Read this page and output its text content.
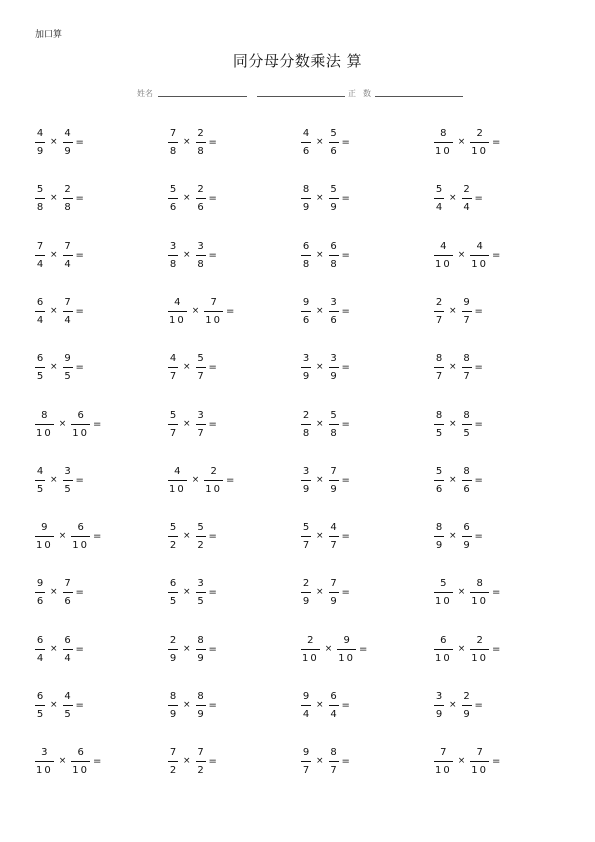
加口算
同分母分数乘法 算
姓名	正 数
$\frac{4}{9} \times \frac{4}{9}$ =	$\frac{7}{8} \times \frac{2}{8}$ =	$\frac{4}{6} \times \frac{5}{6}$ =	$\frac{8}{10} \times \frac{2}{10}$ =
$\frac{5}{8} \times \frac{2}{8}$ =	$\frac{5}{6} \times \frac{2}{6}$ =	$\frac{8}{9} \times \frac{5}{9}$ =	$\frac{5}{4} \times \frac{2}{4}$ =
$\frac{7}{4} \times \frac{7}{4}$ =	$\frac{3}{8} \times \frac{3}{8}$ =	$\frac{6}{8} \times \frac{6}{8}$ =	$\frac{4}{10} \times \frac{4}{10}$ =
$\frac{6}{4} \times \frac{7}{4}$ =	$\frac{4}{10} \times \frac{7}{10}$ =	$\frac{9}{6} \times \frac{3}{6}$ =	$\frac{2}{7} \times \frac{9}{7}$ =
$\frac{6}{5} \times \frac{9}{5}$ =	$\frac{4}{7} \times \frac{5}{7}$ =	$\frac{3}{9} \times \frac{3}{9}$ =	$\frac{8}{7} \times \frac{8}{7}$ =
$\frac{8}{10} \times \frac{6}{10}$ =	$\frac{5}{7} \times \frac{3}{7}$ =	$\frac{2}{8} \times \frac{5}{8}$ =	$\frac{8}{5} \times \frac{8}{5}$ =
$\frac{4}{5} \times \frac{3}{5}$ =	$\frac{4}{10} \times \frac{2}{10}$ =	$\frac{3}{9} \times \frac{7}{9}$ =	$\frac{5}{6} \times \frac{8}{6}$ =
$\frac{9}{10} \times \frac{6}{10}$ =	$\frac{5}{2} \times \frac{5}{2}$ =	$\frac{5}{7} \times \frac{4}{7}$ =	$\frac{8}{9} \times \frac{6}{9}$ =
$\frac{9}{6} \times \frac{7}{6}$ =	$\frac{6}{5} \times \frac{3}{5}$ =	$\frac{2}{9} \times \frac{7}{9}$ =	$\frac{5}{10} \times \frac{8}{10}$ =
$\frac{6}{4} \times \frac{6}{4}$ =	$\frac{2}{9} \times \frac{8}{9}$ =	$\frac{2}{10} \times \frac{9}{10}$ =	$\frac{6}{10} \times \frac{2}{10}$ =
$\frac{6}{5} \times \frac{4}{5}$ =	$\frac{8}{9} \times \frac{8}{9}$ =	$\frac{9}{4} \times \frac{6}{4}$ =	$\frac{3}{9} \times \frac{2}{9}$ =
$\frac{3}{10} \times \frac{6}{10}$ =	$\frac{7}{2} \times \frac{7}{2}$ =	$\frac{9}{7} \times \frac{8}{7}$ =	$\frac{7}{10} \times \frac{7}{10}$ =
